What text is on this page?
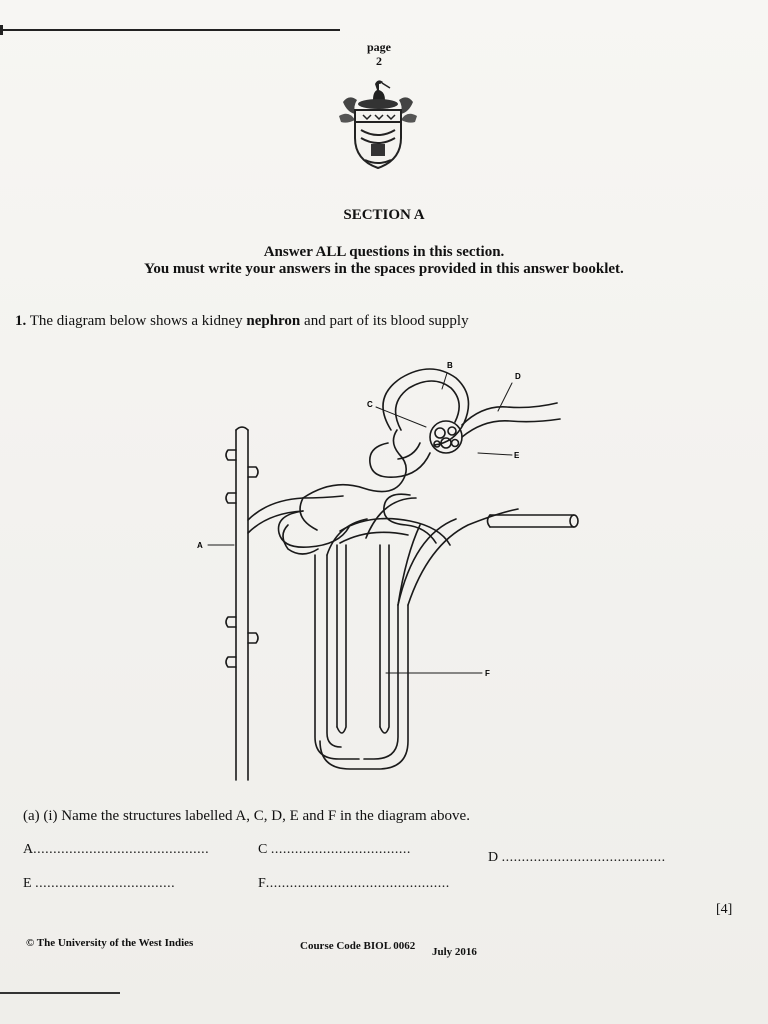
page
2
SECTION A
Answer ALL questions in this section.
You must write your answers in the spaces provided in this answer booklet.
1. The diagram below shows a kidney nephron and part of its blood supply
A
B
C
D
E
F
(a) (i) Name the structures labelled A, C, D, E and F in the diagram above.
A............................................	C ...................................
D .........................................
E ...................................	F..............................................
[4]
© The University of the West Indies	Course Code BIOL 0062 July 2016
